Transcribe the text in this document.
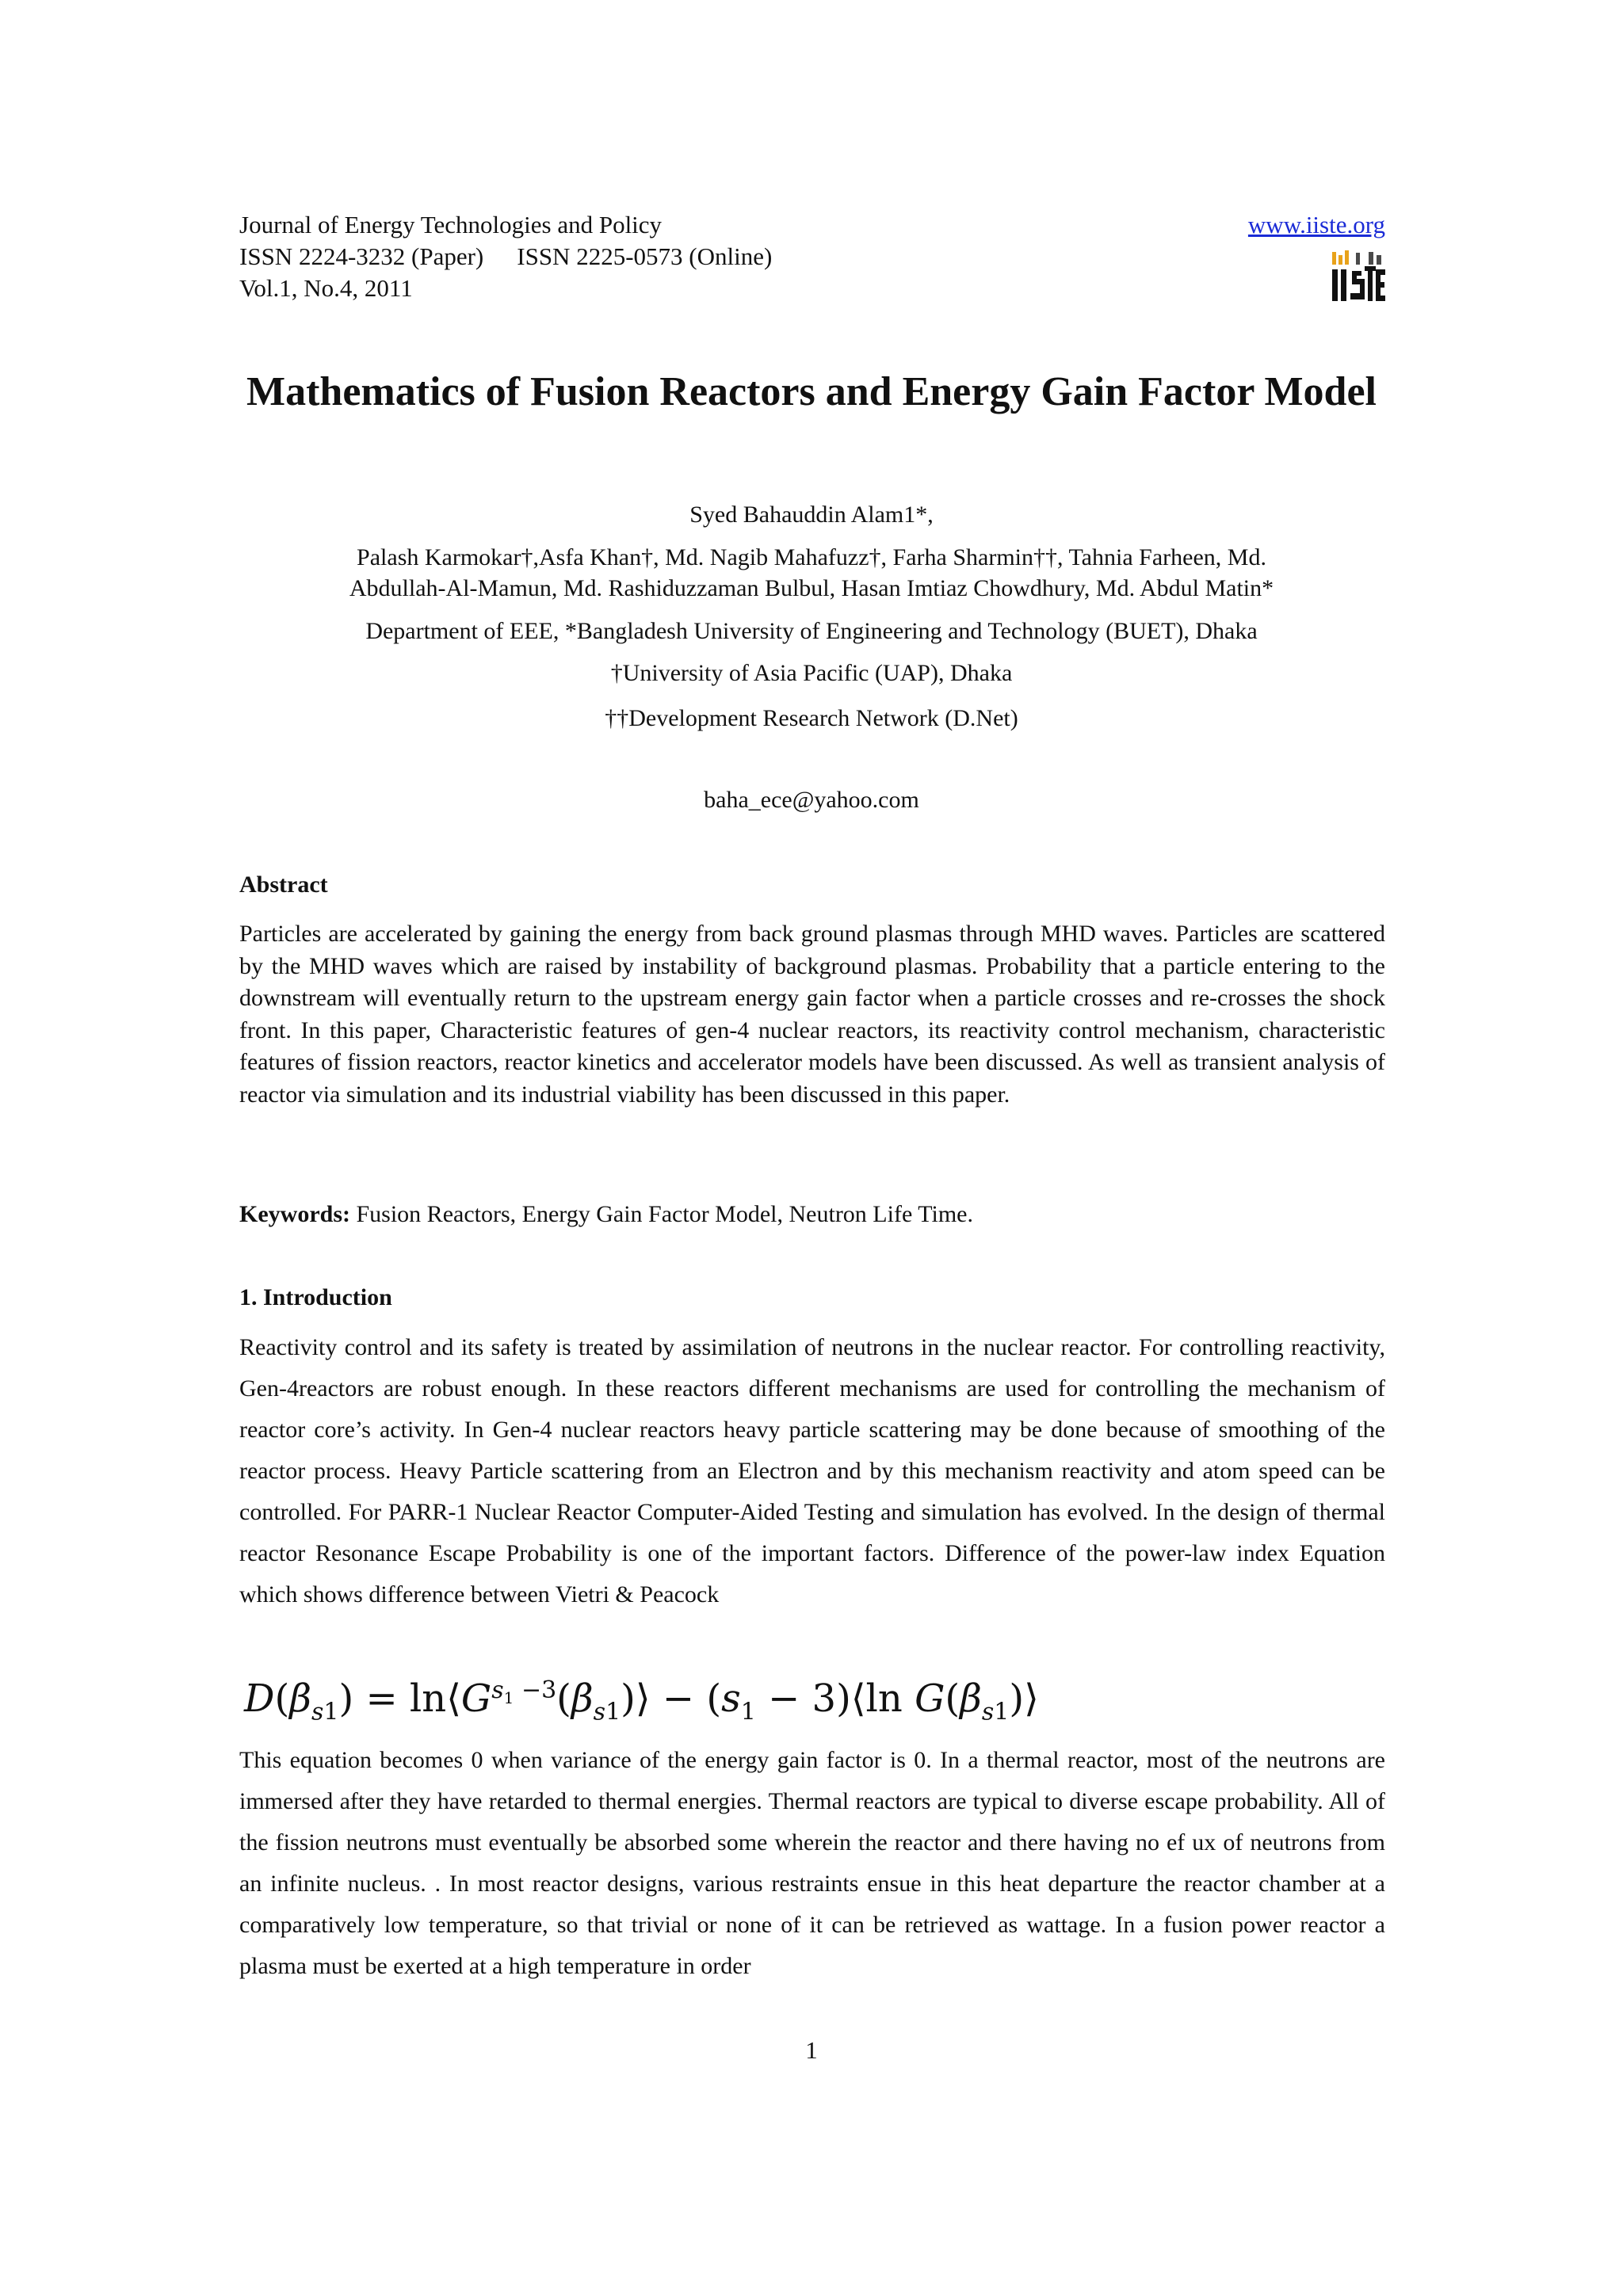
Journal of Energy Technologies and Policy
ISSN 2224-3232 (Paper) ISSN 2225-0573 (Online)
Vol.1, No.4, 2011
www.iiste.org
Mathematics of Fusion Reactors and Energy Gain Factor Model
Syed Bahauddin Alam1*,
Palash Karmokar†,Asfa Khan†, Md. Nagib Mahafuzz†, Farha Sharmin††, Tahnia Farheen, Md.
Abdullah-Al-Mamun, Md. Rashiduzzaman Bulbul, Hasan Imtiaz Chowdhury, Md. Abdul Matin*
Department of EEE, *Bangladesh University of Engineering and Technology (BUET), Dhaka
†University of Asia Pacific (UAP), Dhaka
††Development Research Network (D.Net)
baha_ece@yahoo.com
Abstract

Particles are accelerated by gaining the energy from back ground plasmas through MHD waves. Particles are scattered by the MHD waves which are raised by instability of background plasmas. Probability that a particle entering to the downstream will eventually return to the upstream energy gain factor when a particle crosses and re-crosses the shock front. In this paper, Characteristic features of gen-4 nuclear reactors, its reactivity control mechanism, characteristic features of fission reactors, reactor kinetics and accelerator models have been discussed. As well as transient analysis of reactor via simulation and its industrial viability has been discussed in this paper.

Keywords: Fusion Reactors, Energy Gain Factor Model, Neutron Life Time.

1. Introduction

Reactivity control and its safety is treated by assimilation of neutrons in the nuclear reactor. For controlling reactivity, Gen-4reactors are robust enough. In these reactors different mechanisms are used for controlling the mechanism of reactor core’s activity. In Gen-4 nuclear reactors heavy particle scattering may be done because of smoothing of the reactor process. Heavy Particle scattering from an Electron and by this mechanism reactivity and atom speed can be controlled. For PARR-1 Nuclear Reactor Computer-Aided Testing and simulation has evolved. In the design of thermal reactor Resonance Escape Probability is one of the important factors. Difference of the power-law index Equation which shows difference between Vietri & Peacock

$D(\beta_{s1})$ = $\ln⟨G^{s_1 -3}(\beta_{s1})⟩ - (s_1$ − 3)⟨ln $G(\beta_{s1})⟩$

This equation becomes 0 when variance of the energy gain factor is 0. In a thermal reactor, most of the neutrons are immersed after they have retarded to thermal energies. Thermal reactors are typical to diverse escape probability. All of the fission neutrons must eventually be absorbed some wherein the reactor and there having no ef ux of neutrons from an infinite nucleus. . In most reactor designs, various restraints ensue in this heat departure the reactor chamber at a comparatively low temperature, so that trivial or none of it can be retrieved as wattage. In a fusion power reactor a plasma must be exerted at a high temperature in order

1
